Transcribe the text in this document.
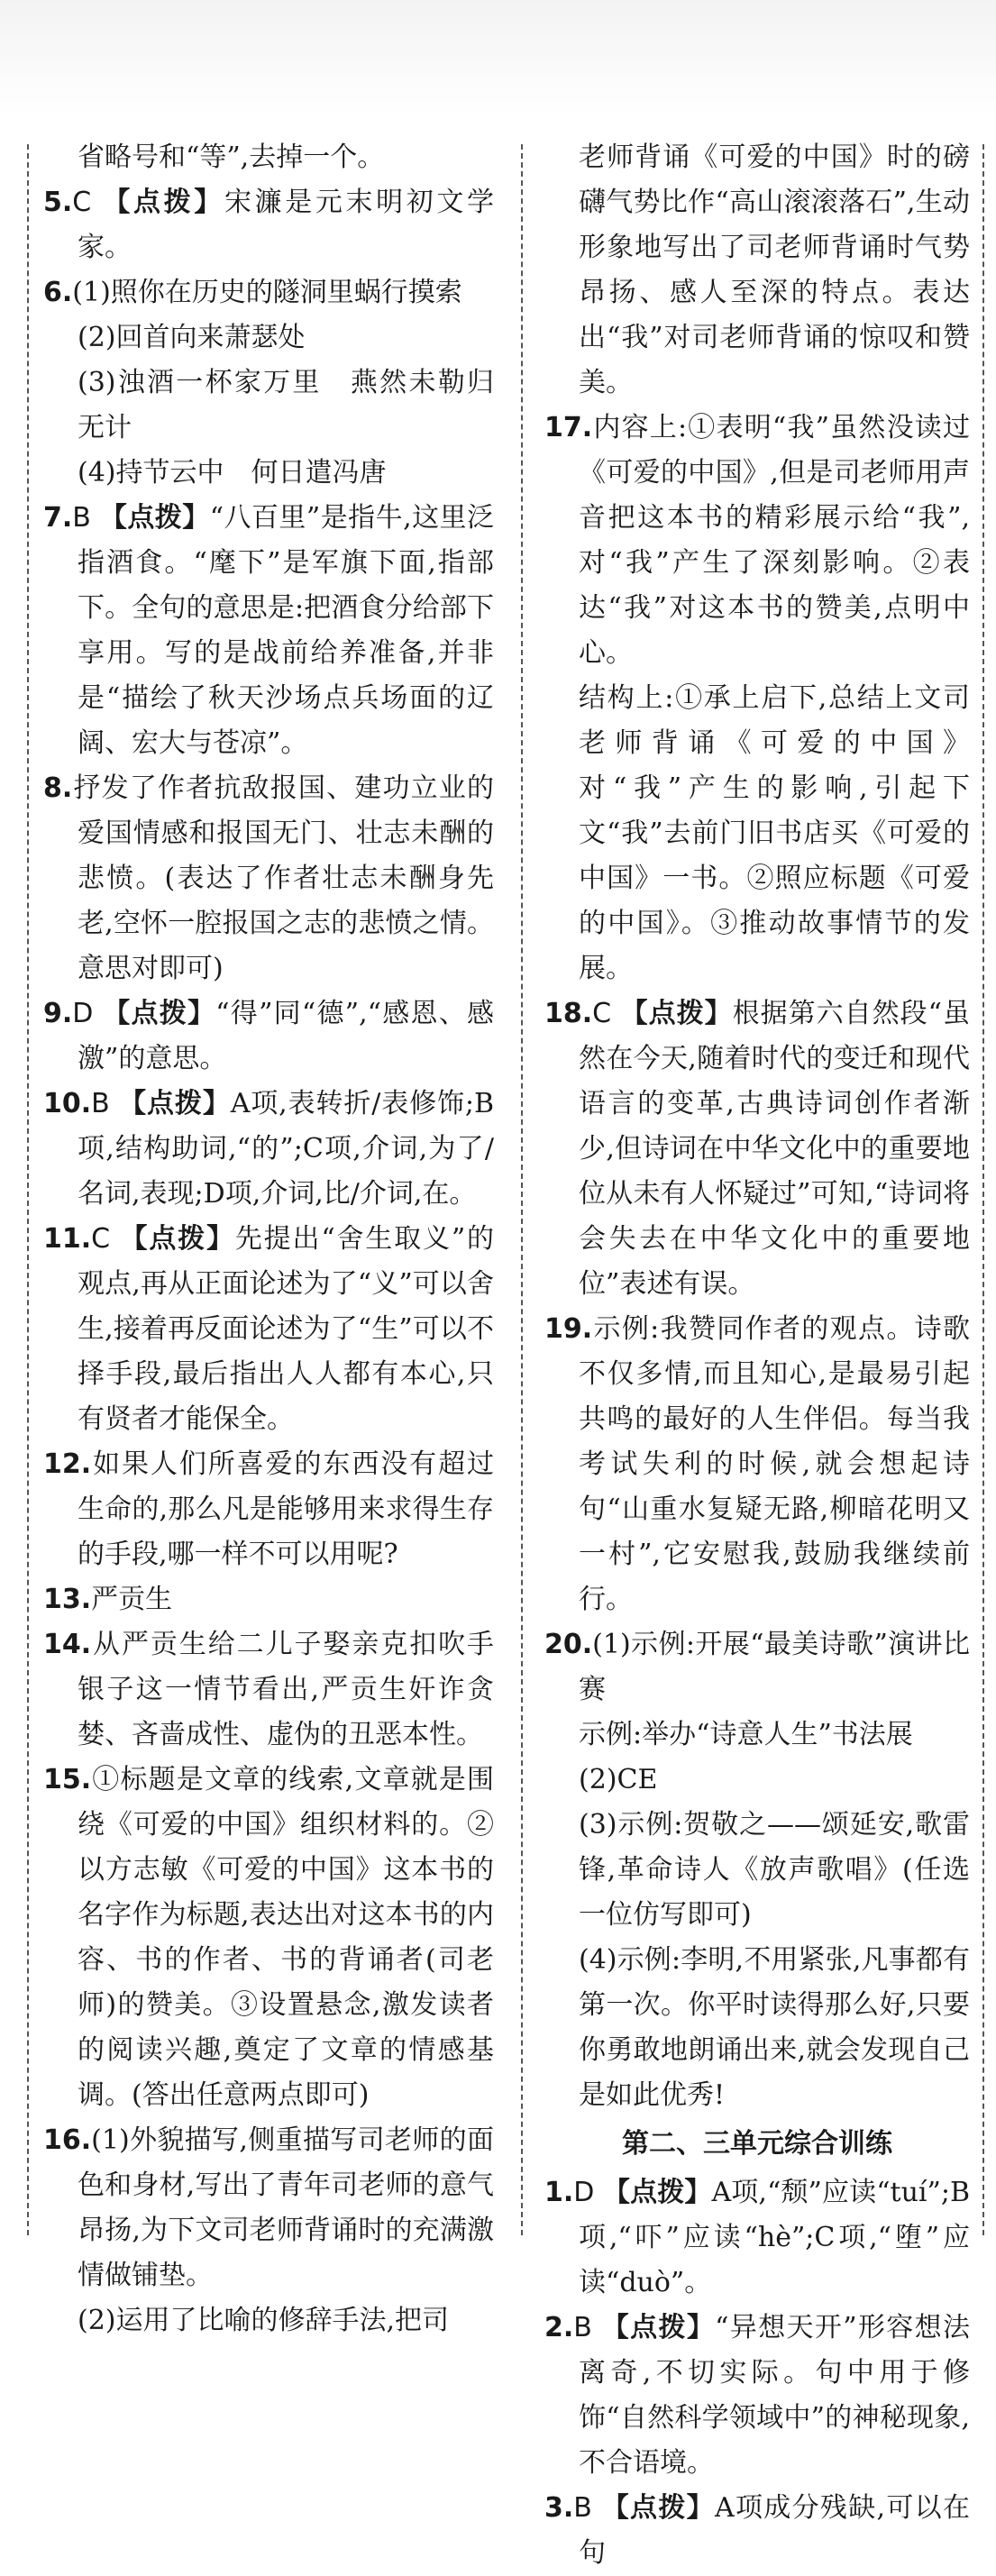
省略号和“等”,去掉一个。

5.C 【点拨】宋濂是元末明初文学家。

6.(1)照你在历史的隧洞里蜗行摸索

(2)回首向来萧瑟处

(3)浊酒一杯家万里　燕然未勒归无计

(4)持节云中　何日遣冯唐

7.B 【点拨】“八百里”是指牛,这里泛指酒食。“麾下”是军旗下面,指部下。全句的意思是:把酒食分给部下享用。写的是战前给养准备,并非是“描绘了秋天沙场点兵场面的辽阔、宏大与苍凉”。

8.抒发了作者抗敌报国、建功立业的爱国情感和报国无门、壮志未酬的悲愤。(表达了作者壮志未酬身先老,空怀一腔报国之志的悲愤之情。意思对即可)

9.D 【点拨】“得”同“德”,“感恩、感激”的意思。

10.B 【点拨】A项,表转折/表修饰;B项,结构助词,“的”;C项,介词,为了/名词,表现;D项,介词,比/介词,在。

11.C 【点拨】先提出“舍生取义”的观点,再从正面论述为了“义”可以舍生,接着再反面论述为了“生”可以不择手段,最后指出人人都有本心,只有贤者才能保全。

12.如果人们所喜爱的东西没有超过生命的,那么凡是能够用来求得生存的手段,哪一样不可以用呢?

13.严贡生

14.从严贡生给二儿子娶亲克扣吹手银子这一情节看出,严贡生奸诈贪婪、吝啬成性、虚伪的丑恶本性。

15.①标题是文章的线索,文章就是围绕《可爱的中国》组织材料的。②以方志敏《可爱的中国》这本书的名字作为标题,表达出对这本书的内容、书的作者、书的背诵者(司老师)的赞美。③设置悬念,激发读者的阅读兴趣,奠定了文章的情感基调。(答出任意两点即可)

16.(1)外貌描写,侧重描写司老师的面色和身材,写出了青年司老师的意气昂扬,为下文司老师背诵时的充满激情做铺垫。

(2)运用了比喻的修辞手法,把司

老师背诵《可爱的中国》时的磅礴气势比作“高山滚滚落石”,生动形象地写出了司老师背诵时气势昂扬、感人至深的特点。表达出“我”对司老师背诵的惊叹和赞美。

17.内容上:①表明“我”虽然没读过《可爱的中国》,但是司老师用声音把这本书的精彩展示给“我”,对“我”产生了深刻影响。②表达“我”对这本书的赞美,点明中心。

结构上:①承上启下,总结上文司老师背诵《可爱的中国》对“我”产生的影响,引起下文“我”去前门旧书店买《可爱的中国》一书。②照应标题《可爱的中国》。③推动故事情节的发展。

18.C 【点拨】根据第六自然段“虽然在今天,随着时代的变迁和现代语言的变革,古典诗词创作者渐少,但诗词在中华文化中的重要地位从未有人怀疑过”可知,“诗词将会失去在中华文化中的重要地位”表述有误。

19.示例:我赞同作者的观点。诗歌不仅多情,而且知心,是最易引起共鸣的最好的人生伴侣。每当我考试失利的时候,就会想起诗句“山重水复疑无路,柳暗花明又一村”,它安慰我,鼓励我继续前行。

20.(1)示例:开展“最美诗歌”演讲比赛

示例:举办“诗意人生”书法展

(2)CE

(3)示例:贺敬之——颂延安,歌雷锋,革命诗人《放声歌唱》(任选一位仿写即可)

(4)示例:李明,不用紧张,凡事都有第一次。你平时读得那么好,只要你勇敢地朗诵出来,就会发现自己是如此优秀!

第二、三单元综合训练

1.D 【点拨】A项,“颓”应读“tuí”;B项,“吓”应读“hè”;C项,“堕”应读“duò”。

2.B 【点拨】“异想天开”形容想法离奇,不切实际。句中用于修饰“自然科学领域中”的神秘现象,不合语境。

3.B 【点拨】A项成分残缺,可以在句
